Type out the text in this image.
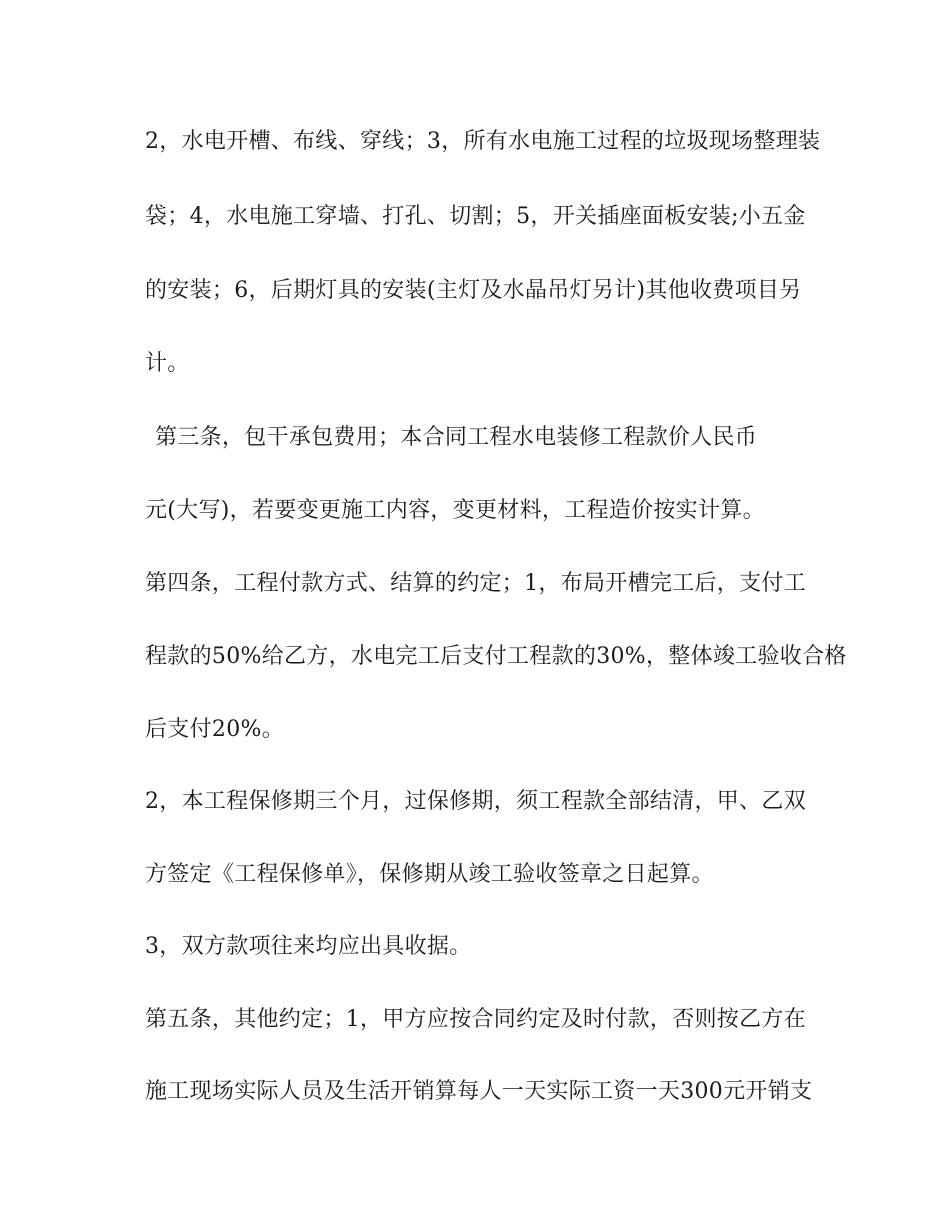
2，水电开槽、布线、穿线；3，所有水电施工过程的垃圾现场整理装
袋；4，水电施工穿墙、打孔、切割；5，开关插座面板安装;小五金
的安装；6，后期灯具的安装(主灯及水晶吊灯另计)其他收费项目另
计。
第三条，包干承包费用；本合同工程水电装修工程款价人民币
元(大写)，若要变更施工内容，变更材料，工程造价按实计算。
第四条，工程付款方式、结算的约定；1，布局开槽完工后，支付工
程款的50%给乙方，水电完工后支付工程款的30%，整体竣工验收合格
后支付20%。
2，本工程保修期三个月，过保修期，须工程款全部结清，甲、乙双
方签定《工程保修单》，保修期从竣工验收签章之日起算。
3，双方款项往来均应出具收据。
第五条，其他约定；1，甲方应按合同约定及时付款，否则按乙方在
施工现场实际人员及生活开销算每人一天实际工资一天300元开销支
